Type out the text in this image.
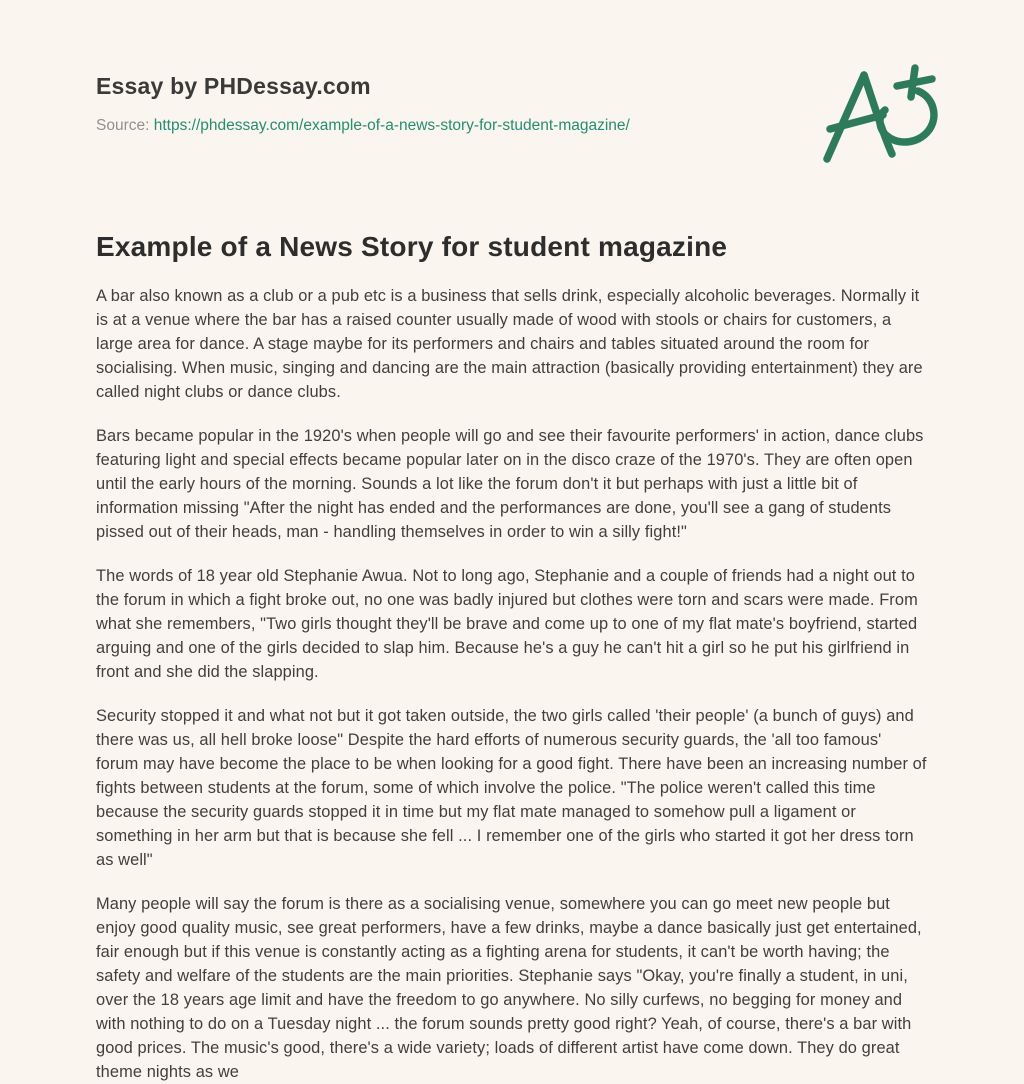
Essay by PHDessay.com

Source: https://phdessay.com/example-of-a-news-story-for-student-magazine/

Example of a News Story for student magazine

A bar also known as a club or a pub etc is a business that sells drink, especially alcoholic beverages. Normally it is at a venue where the bar has a raised counter usually made of wood with stools or chairs for customers, a large area for dance. A stage maybe for its performers and chairs and tables situated around the room for socialising. When music, singing and dancing are the main attraction (basically providing entertainment) they are called night clubs or dance clubs.

Bars became popular in the 1920's when people will go and see their favourite performers' in action, dance clubs featuring light and special effects became popular later on in the disco craze of the 1970's. They are often open until the early hours of the morning. Sounds a lot like the forum don't it but perhaps with just a little bit of information missing "After the night has ended and the performances are done, you'll see a gang of students pissed out of their heads, man - handling themselves in order to win a silly fight!"

The words of 18 year old Stephanie Awua. Not to long ago, Stephanie and a couple of friends had a night out to the forum in which a fight broke out, no one was badly injured but clothes were torn and scars were made. From what she remembers, "Two girls thought they'll be brave and come up to one of my flat mate's boyfriend, started arguing and one of the girls decided to slap him. Because he's a guy he can't hit a girl so he put his girlfriend in front and she did the slapping.

Security stopped it and what not but it got taken outside, the two girls called 'their people' (a bunch of guys) and there was us, all hell broke loose" Despite the hard efforts of numerous security guards, the 'all too famous' forum may have become the place to be when looking for a good fight. There have been an increasing number of fights between students at the forum, some of which involve the police. "The police weren't called this time because the security guards stopped it in time but my flat mate managed to somehow pull a ligament or something in her arm but that is because she fell ... I remember one of the girls who started it got her dress torn as well"

Many people will say the forum is there as a socialising venue, somewhere you can go meet new people but enjoy good quality music, see great performers, have a few drinks, maybe a dance basically just get entertained, fair enough but if this venue is constantly acting as a fighting arena for students, it can't be worth having; the safety and welfare of the students are the main priorities. Stephanie says "Okay, you're finally a student, in uni, over the 18 years age limit and have the freedom to go anywhere. No silly curfews, no begging for money and with nothing to do on a Tuesday night ... the forum sounds pretty good right? Yeah, of course, there's a bar with good prices. The music's good, there's a wide variety; loads of different artist have come down. They do great theme nights as we
